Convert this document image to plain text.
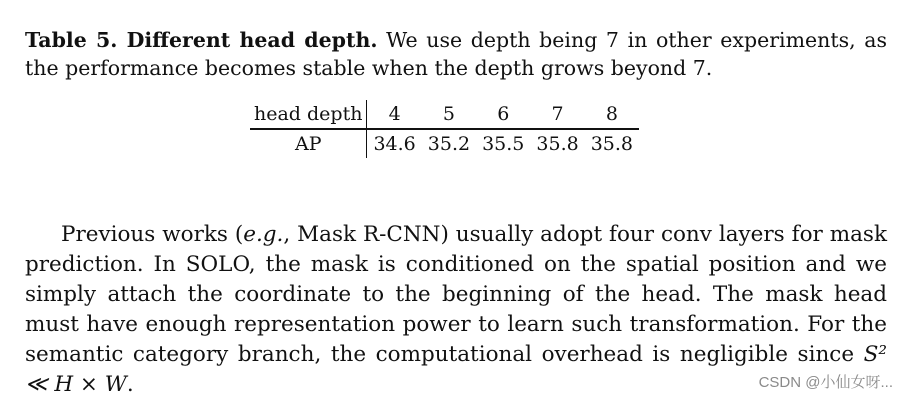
Table 5. Different head depth. We use depth being 7 in other experiments, as the performance becomes stable when the depth grows beyond 7.
head depth	4	5	6	7	8
AP	34.6	35.2	35.5	35.8	35.8
Previous works (e.g., Mask R-CNN) usually adopt four conv layers for mask prediction. In SOLO, the mask is conditioned on the spatial position and we simply attach the coordinate to the beginning of the head. The mask head must have enough representation power to learn such transformation. For the semantic category branch, the computational overhead is negligible since S² ≪ H × W.	CSDN @小仙女呀...
